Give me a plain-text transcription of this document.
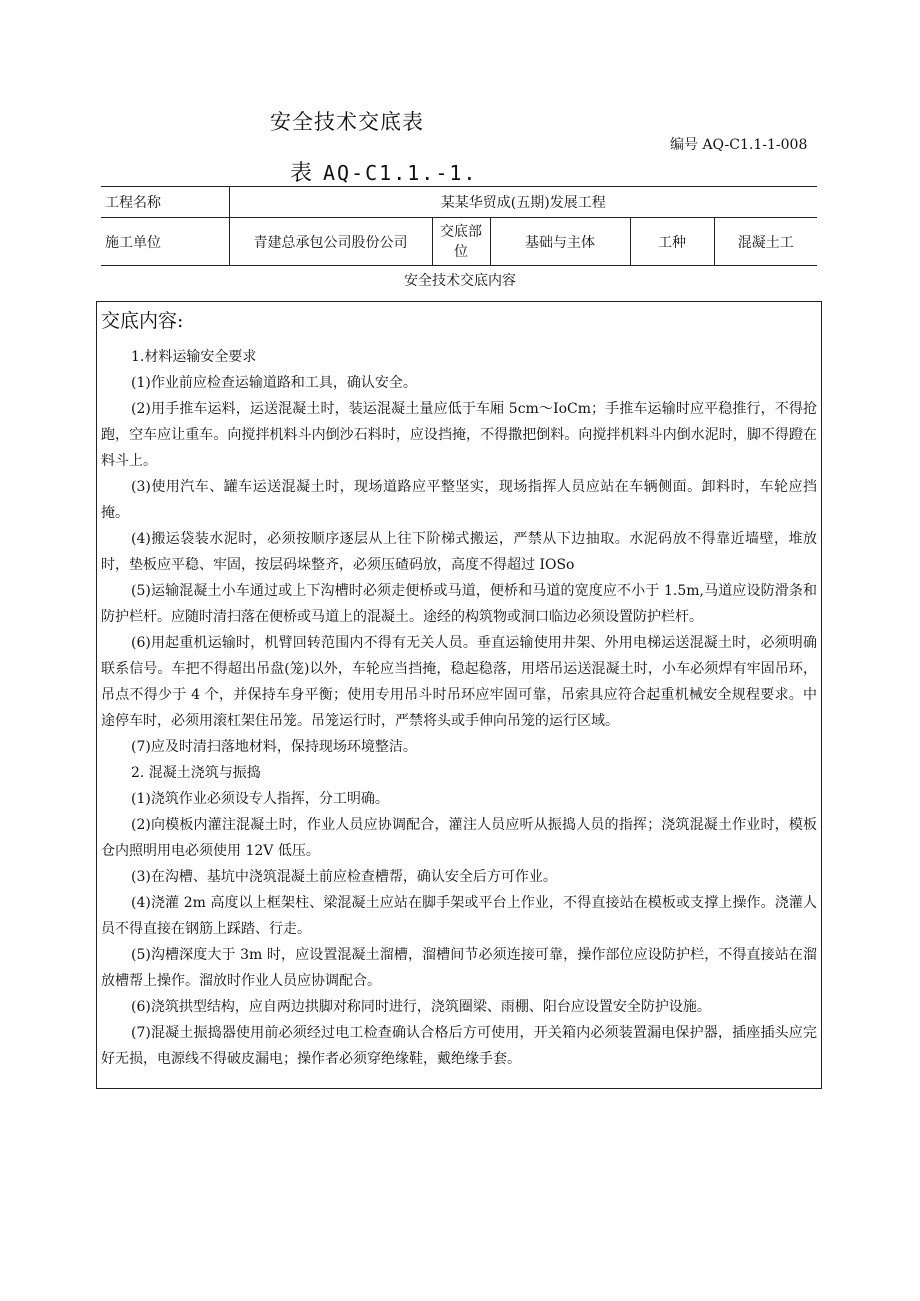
安全技术交底表
编号 AQ-C1.1-1-008
表 AQ-C1.1.-1.
工程名称	某某华贸成(五期)发展工程				
施工单位	青建总承包公司股份公司	交底部位	基础与主体	工种	混凝土工
安全技术交底内容
交底内容:

1.材料运输安全要求

(1)作业前应检查运输道路和工具，确认安全。

(2)用手推车运料，运送混凝土时，装运混凝土量应低于车厢 5cm～IoCm；手推车运输时应平稳推行，不得抢跑，空车应让重车。向搅拌机料斗内倒沙石料时，应设挡掩，不得撒把倒料。向搅拌机料斗内倒水泥时，脚不得蹬在料斗上。

(3)使用汽车、罐车运送混凝土时，现场道路应平整坚实，现场指挥人员应站在车辆侧面。卸料时，车轮应挡掩。

(4)搬运袋装水泥时，必须按顺序逐层从上往下阶梯式搬运，严禁从下边抽取。水泥码放不得靠近墙壁，堆放时，垫板应平稳、牢固，按层码垛整齐，必须压碴码放，高度不得超过 IOSo

(5)运输混凝土小车通过或上下沟槽时必须走便桥或马道，便桥和马道的宽度应不小于 1.5m,马道应设防滑条和防护栏杆。应随时清扫落在便桥或马道上的混凝土。途经的构筑物或洞口临边必须设置防护栏杆。

(6)用起重机运输时，机臂回转范围内不得有无关人员。垂直运输使用井架、外用电梯运送混凝土时，必须明确联系信号。车把不得超出吊盘(笼)以外，车轮应当挡掩，稳起稳落，用塔吊运送混凝土时，小车必须焊有牢固吊环，吊点不得少于 4 个，并保持车身平衡；使用专用吊斗时吊环应牢固可靠，吊索具应符合起重机械安全规程要求。中途停车时，必须用滚杠架住吊笼。吊笼运行时，严禁将头或手伸向吊笼的运行区域。

(7)应及时清扫落地材料，保持现场环境整洁。

2. 混凝土浇筑与振捣

(1)浇筑作业必须设专人指挥，分工明确。

(2)向模板内灌注混凝土时，作业人员应协调配合，灌注人员应听从振捣人员的指挥；浇筑混凝土作业时，模板仓内照明用电必须使用 12V 低压。

(3)在沟槽、基坑中浇筑混凝土前应检查槽帮，确认安全后方可作业。

(4)浇灌 2m 高度以上框架柱、梁混凝土应站在脚手架或平台上作业，不得直接站在模板或支撑上操作。浇灌人员不得直接在钢筋上踩踏、行走。

(5)沟槽深度大于 3m 时，应设置混凝土溜槽，溜槽间节必须连接可靠，操作部位应设防护栏，不得直接站在溜放槽帮上操作。溜放时作业人员应协调配合。

(6)浇筑拱型结构，应自两边拱脚对称同时进行，浇筑圈梁、雨棚、阳台应设置安全防护设施。

(7)混凝土振捣器使用前必须经过电工检查确认合格后方可使用，开关箱内必须装置漏电保护器，插座插头应完好无损，电源线不得破皮漏电；操作者必须穿绝缘鞋，戴绝缘手套。
